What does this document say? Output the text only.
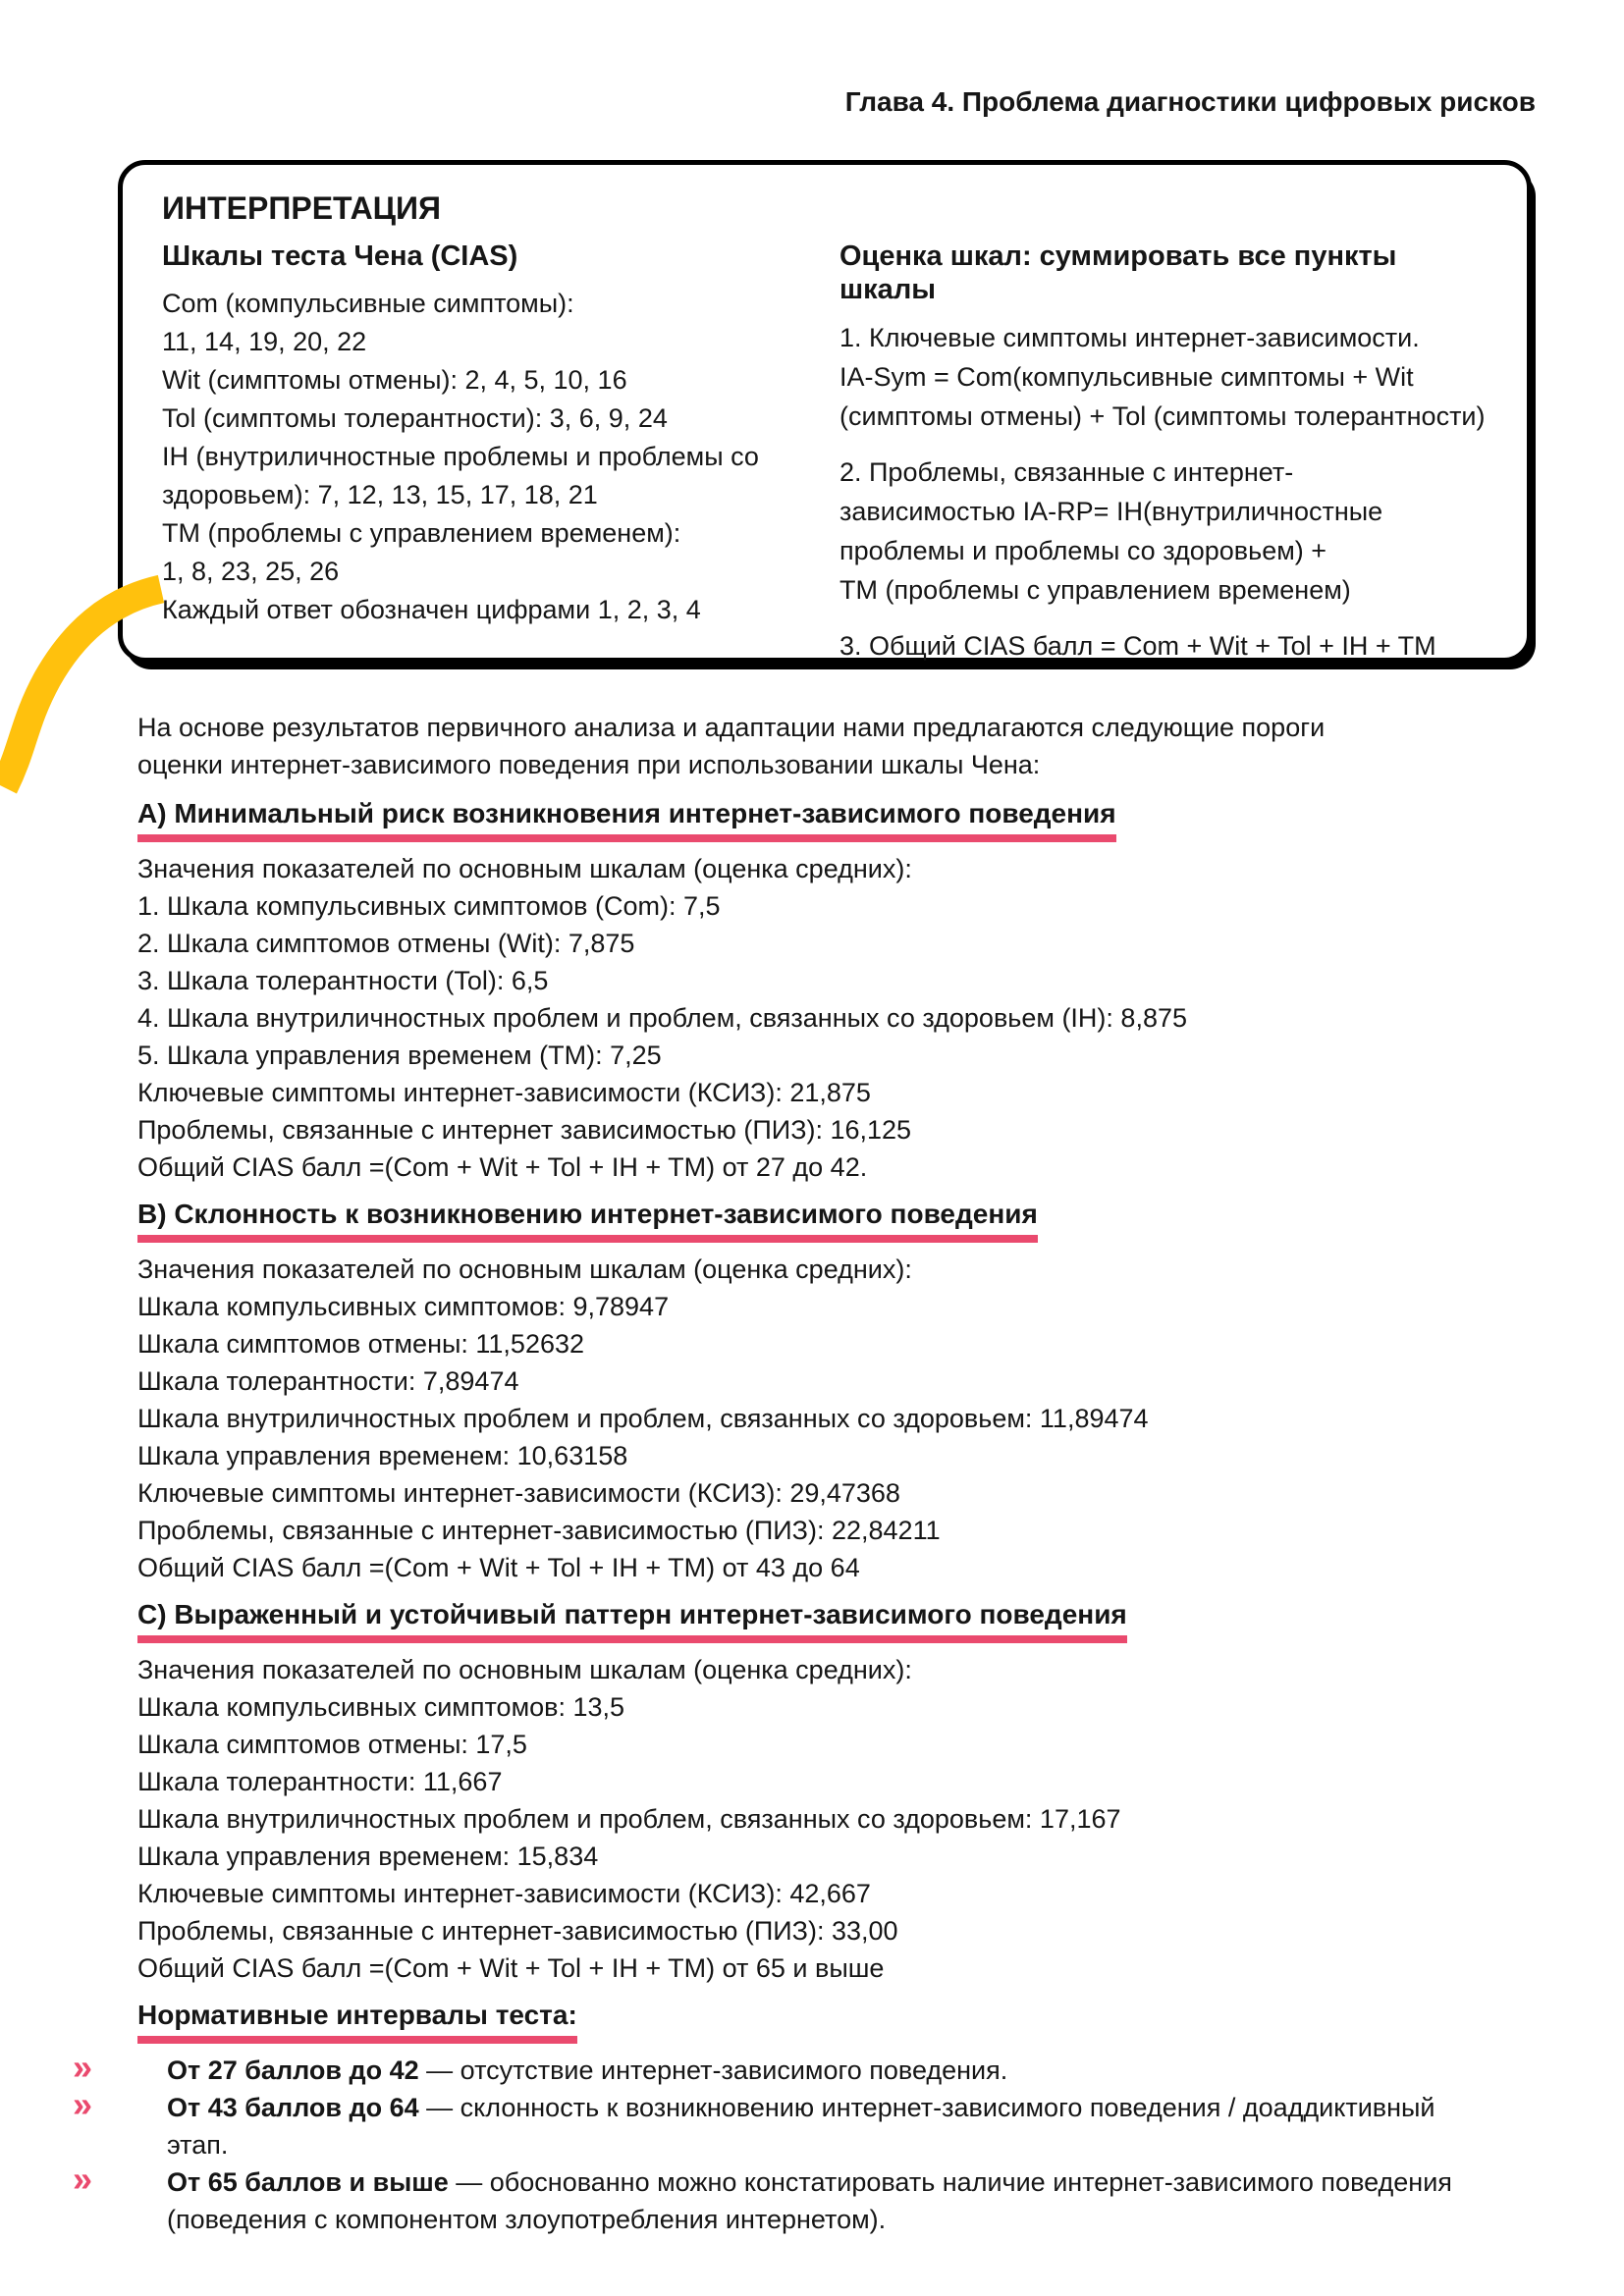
Глава 4. Проблема диагностики цифровых рисков
ИНТЕРПРЕТАЦИЯ
Шкалы теста Чена (CIAS)
Com (компульсивные симптомы):
11, 14, 19, 20, 22
Wit (симптомы отмены): 2, 4, 5, 10, 16
Tol (симптомы толерантности): 3, 6, 9, 24
IH (внутриличностные проблемы и проблемы со здоровьем): 7, 12, 13, 15, 17, 18, 21
TM (проблемы с управлением временем):
1, 8, 23, 25, 26
Каждый ответ обозначен цифрами 1, 2, 3, 4
Оценка шкал: суммировать все пункты шкалы
1. Ключевые симптомы интернет-зависимости.
IA-Sym = Com(компульсивные симптомы + Wit
(симптомы отмены) + Tol (симптомы толерантности)
2. Проблемы, связанные с интернет-
зависимостью IA-RP= IH(внутриличностные
проблемы и проблемы со здоровьем) +
TM (проблемы с управлением временем)
3. Общий CIAS балл = Com + Wit + Tol + IH + TM

На основе результатов первичного анализа и адаптации нами предлагаются следующие пороги оценки интернет-зависимого поведения при использовании шкалы Чена:

А) Минимальный риск возникновения интернет-зависимого поведения
Значения показателей по основным шкалам (оценка средних):
1. Шкала компульсивных симптомов (Com): 7,5
2. Шкала симптомов отмены (Wit): 7,875
3. Шкала толерантности (Tol): 6,5
4. Шкала внутриличностных проблем и проблем, связанных со здоровьем (IH): 8,875
5. Шкала управления временем (TM): 7,25
Ключевые симптомы интернет-зависимости (КСИЗ): 21,875
Проблемы, связанные с интернет зависимостью (ПИЗ): 16,125
Общий CIAS балл =(Com + Wit + Tol + IH + TM) от 27 до 42.
В) Склонность к возникновению интернет-зависимого поведения
Значения показателей по основным шкалам (оценка средних):
Шкала компульсивных симптомов: 9,78947
Шкала симптомов отмены: 11,52632
Шкала толерантности: 7,89474
Шкала внутриличностных проблем и проблем, связанных со здоровьем: 11,89474
Шкала управления временем: 10,63158
Ключевые симптомы интернет-зависимости (КСИЗ): 29,47368
Проблемы, связанные с интернет-зависимостью (ПИЗ): 22,84211
Общий CIAS балл =(Com + Wit + Tol + IH + TM) от 43 до 64
С) Выраженный и устойчивый паттерн интернет-зависимого поведения
Значения показателей по основным шкалам (оценка средних):
Шкала компульсивных симптомов: 13,5
Шкала симптомов отмены: 17,5
Шкала толерантности: 11,667
Шкала внутриличностных проблем и проблем, связанных со здоровьем: 17,167
Шкала управления временем: 15,834
Ключевые симптомы интернет-зависимости (КСИЗ): 42,667
Проблемы, связанные с интернет-зависимостью (ПИЗ): 33,00
Общий CIAS балл =(Com + Wit + Tol + IH + TM) от 65 и выше
Нормативные интервалы теста:
»	От 27 баллов до 42 — отсутствие интернет-зависимого поведения.
»	От 43 баллов до 64 — склонность к возникновению интернет-зависимого поведения / доаддиктивный этап.
»	От 65 баллов и выше — обоснованно можно констатировать наличие интернет-зависимого поведения (поведения с компонентом злоупотребления интернетом).
